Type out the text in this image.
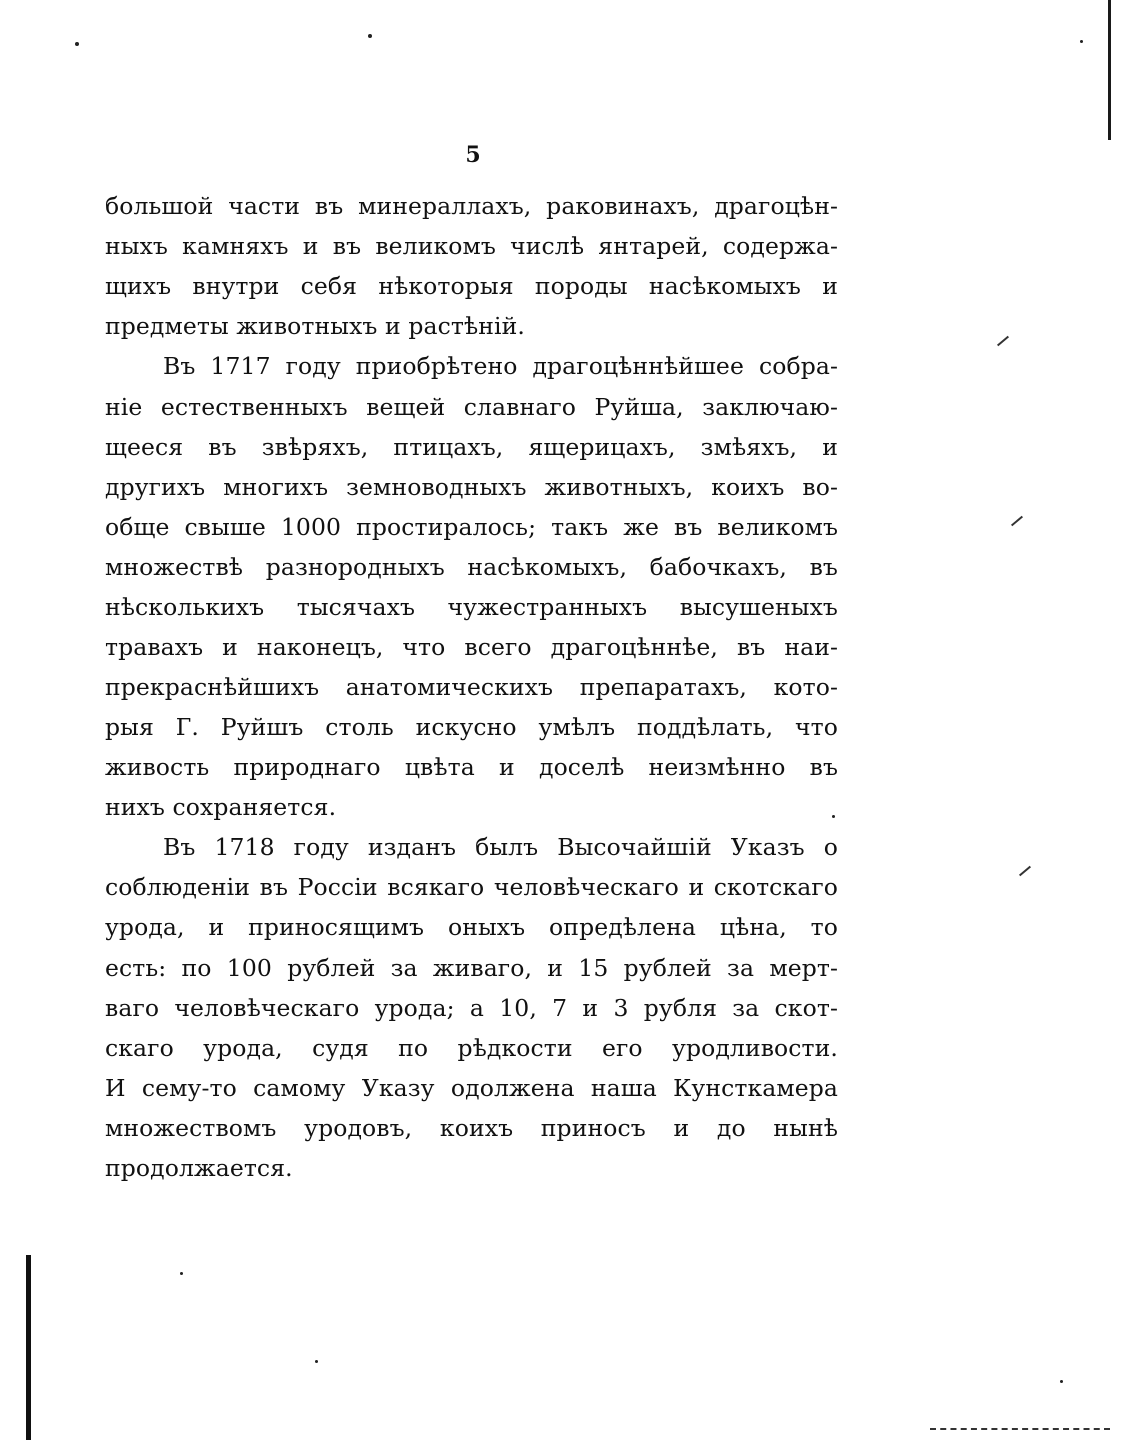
5
большой части въ минераллахъ, раковинахъ, драгоцѣн-
ныхъ камняхъ и въ великомъ числѣ янтарей, содержа-
щихъ внутри себя нѣкоторыя породы насѣкомыхъ и
предметы животныхъ и растѣній.
Въ 1717 году приобрѣтено драгоцѣннѣйшее собра-
ніе естественныхъ вещей славнаго Руйша, заключаю-
щееся въ звѣряхъ, птицахъ, ящерицахъ, змѣяхъ, и
другихъ многихъ земноводныхъ животныхъ, коихъ во-
обще свыше 1000 простиралось; такъ же въ великомъ
множествѣ разнородныхъ насѣкомыхъ, бабочкахъ, въ
нѣсколькихъ тысячахъ чужестранныхъ высушеныхъ
травахъ и наконецъ, что всего драгоцѣннѣе, въ наи-
прекраснѣйшихъ анатомическихъ препаратахъ, кото-
рыя Г. Руйшъ столь искусно умѣлъ поддѣлать, что
живость природнаго цвѣта и доселѣ неизмѣнно въ
нихъ сохраняется.
Въ 1718 году изданъ былъ Высочайшій Указъ о
соблюденіи въ Россіи всякаго человѣческаго и скотскаго
урода, и приносящимъ оныхъ опредѣлена цѣна, то
есть: по 100 рублей за живаго, и 15 рублей за мерт-
ваго человѣческаго урода; а 10, 7 и 3 рубля за скот-
скаго урода, судя по рѣдкости его уродливости.
И сему-то самому Указу одолжена наша Кунсткамера
множествомъ уродовъ, коихъ приносъ и до нынѣ
продолжается.
